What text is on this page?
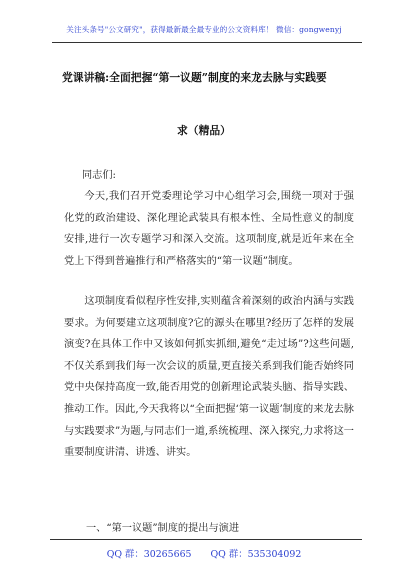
关注头条号"公文研究"，获得最新最全最专业的公文资料库！ 微信：gongwenyj
党课讲稿:全面把握“第一议题”制度的来龙去脉与实践要
求（精品）
同志们:

今天,我们召开党委理论学习中心组学习会,围绕一项对于强化党的政治建设、深化理论武装具有根本性、全局性意义的制度安排,进行一次专题学习和深入交流。这项制度,就是近年来在全党上下得到普遍推行和严格落实的“第一议题”制度。

这项制度看似程序性安排,实则蕴含着深刻的政治内涵与实践要求。为何要建立这项制度?它的源头在哪里?经历了怎样的发展演变?在具体工作中又该如何抓实抓细,避免“走过场”?这些问题,不仅关系到我们每一次会议的质量,更直接关系到我们能否始终同党中央保持高度一致,能否用党的创新理论武装头脑、指导实践、推动工作。因此,今天我将以“全面把握‘第一议题’制度的来龙去脉与实践要求”为题,与同志们一道,系统梳理、深入探究,力求将这一重要制度讲清、讲透、讲实。

一、“第一议题”制度的提出与演进
QQ 群：30265665 QQ 群：535304092
